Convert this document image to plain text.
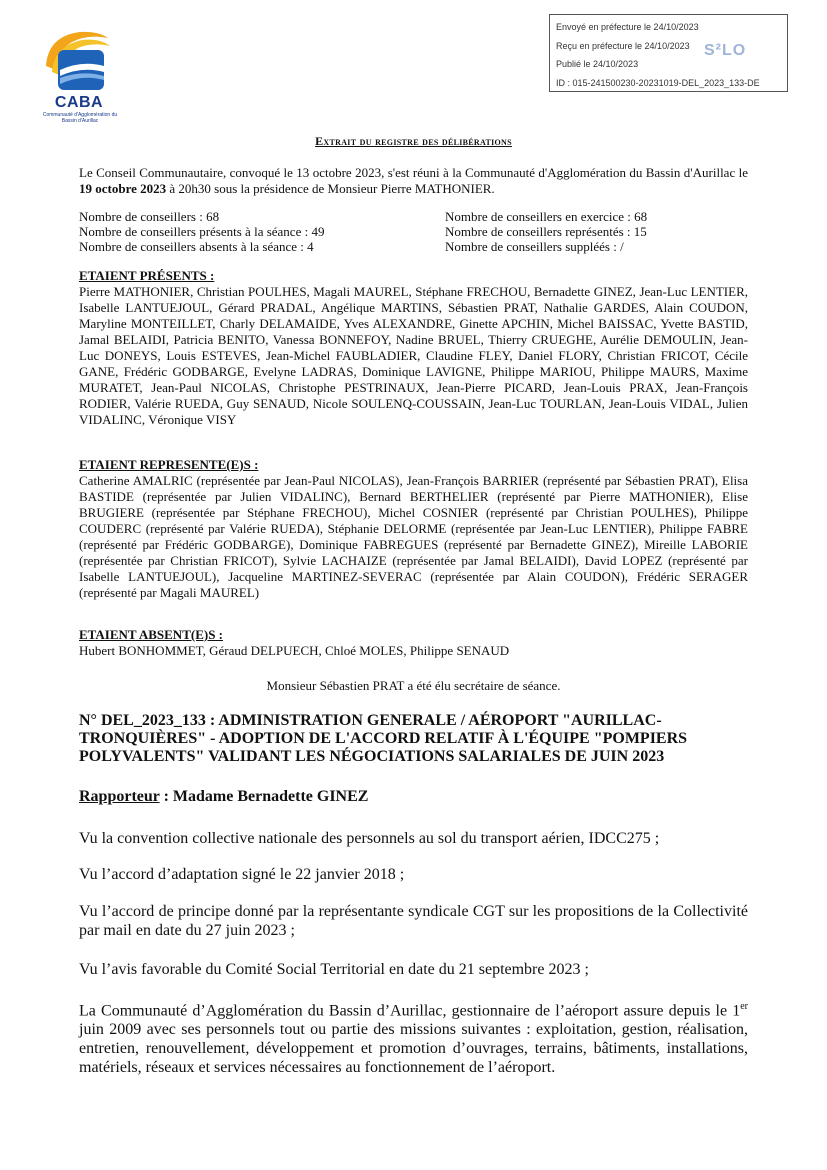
CABA
Communauté d'Agglomération du Bassin d'Aurillac
Envoyé en préfecture le 24/10/2023
Reçu en préfecture le 24/10/2023
Publié le 24/10/2023
ID : 015-241500230-20231019-DEL_2023_133-DE
S²LO
Extrait du registre des délibérations
Le Conseil Communautaire, convoqué le 13 octobre 2023, s'est réuni à la Communauté d'Agglomération du Bassin d'Aurillac le 19 octobre 2023 à 20h30 sous la présidence de Monsieur Pierre MATHONIER.
Nombre de conseillers : 68
Nombre de conseillers présents à la séance : 49
Nombre de conseillers absents à la séance : 4
Nombre de conseillers en exercice : 68
Nombre de conseillers représentés : 15
Nombre de conseillers suppléés : /
ETAIENT PRÉSENTS :
Pierre MATHONIER, Christian POULHES, Magali MAUREL, Stéphane FRECHOU, Bernadette GINEZ, Jean-Luc LENTIER, Isabelle LANTUEJOUL, Gérard PRADAL, Angélique MARTINS, Sébastien PRAT, Nathalie GARDES, Alain COUDON, Maryline MONTEILLET, Charly DELAMAIDE, Yves ALEXANDRE, Ginette APCHIN, Michel BAISSAC, Yvette BASTID, Jamal BELAIDI, Patricia BENITO, Vanessa BONNEFOY, Nadine BRUEL, Thierry CRUEGHE, Aurélie DEMOULIN, Jean-Luc DONEYS, Louis ESTEVES, Jean-Michel FAUBLADIER, Claudine FLEY, Daniel FLORY, Christian FRICOT, Cécile GANE, Frédéric GODBARGE, Evelyne LADRAS, Dominique LAVIGNE, Philippe MARIOU, Philippe MAURS, Maxime MURATET, Jean-Paul NICOLAS, Christophe PESTRINAUX, Jean-Pierre PICARD, Jean-Louis PRAX, Jean-François RODIER, Valérie RUEDA, Guy SENAUD, Nicole SOULENQ-COUSSAIN, Jean-Luc TOURLAN, Jean-Louis VIDAL, Julien VIDALINC, Véronique VISY
ETAIENT REPRESENTE(E)S :
Catherine AMALRIC (représentée par Jean-Paul NICOLAS), Jean-François BARRIER (représenté par Sébastien PRAT), Elisa BASTIDE (représentée par Julien VIDALINC), Bernard BERTHELIER (représenté par Pierre MATHONIER), Elise BRUGIERE (représentée par Stéphane FRECHOU), Michel COSNIER (représenté par Christian POULHES), Philippe COUDERC (représenté par Valérie RUEDA), Stéphanie DELORME (représentée par Jean-Luc LENTIER), Philippe FABRE (représenté par Frédéric GODBARGE), Dominique FABREGUES (représenté par Bernadette GINEZ), Mireille LABORIE (représentée par Christian FRICOT), Sylvie LACHAIZE (représentée par Jamal BELAIDI), David LOPEZ (représenté par Isabelle LANTUEJOUL), Jacqueline MARTINEZ-SEVERAC (représentée par Alain COUDON), Frédéric SERAGER (représenté par Magali MAUREL)
ETAIENT ABSENT(E)S :
Hubert BONHOMMET, Géraud DELPUECH, Chloé MOLES, Philippe SENAUD
Monsieur Sébastien PRAT a été élu secrétaire de séance.
N° DEL_2023_133 : ADMINISTRATION GENERALE / AÉROPORT "AURILLAC-TRONQUIÈRES" - ADOPTION DE L'ACCORD RELATIF À L'ÉQUIPE "POMPIERS POLYVALENTS" VALIDANT LES NÉGOCIATIONS SALARIALES DE JUIN 2023
Rapporteur : Madame Bernadette GINEZ
Vu la convention collective nationale des personnels au sol du transport aérien, IDCC275 ;
Vu l’accord d’adaptation signé le 22 janvier 2018 ;
Vu l’accord de principe donné par la représentante syndicale CGT sur les propositions de la Collectivité par mail en date du 27 juin 2023 ;
Vu l’avis favorable du Comité Social Territorial en date du 21 septembre 2023 ;
La Communauté d’Agglomération du Bassin d’Aurillac, gestionnaire de l’aéroport assure depuis le 1er juin 2009 avec ses personnels tout ou partie des missions suivantes : exploitation, gestion, réalisation, entretien, renouvellement, développement et promotion d’ouvrages, terrains, bâtiments, installations, matériels, réseaux et services nécessaires au fonctionnement de l’aéroport.
